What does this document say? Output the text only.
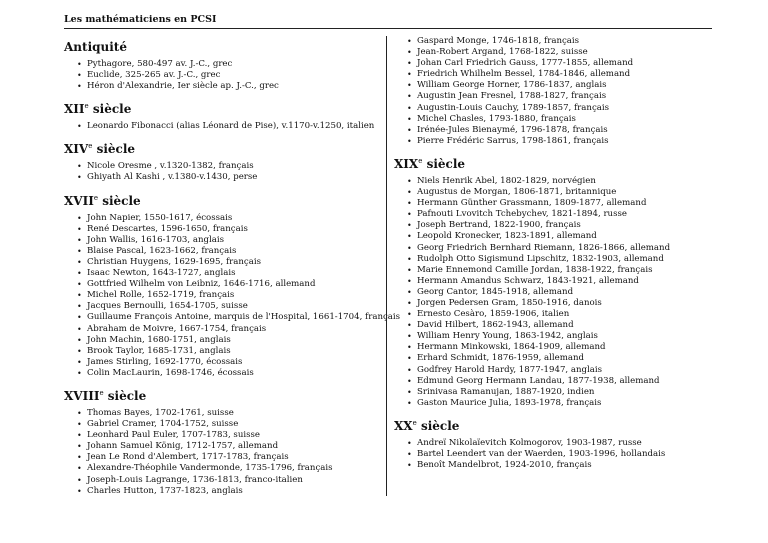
Les mathématiciens en PCSI
Antiquité
• Pythagore, 580-497 av. J.-C., grec
• Euclide, 325-265 av. J.-C., grec
• Héron d'Alexandrie, Ier siècle ap. J.-C., grec
XIIe siècle
• Leonardo Fibonacci (alias Léonard de Pise), v.1170-v.1250, italien
XIVe siècle
• Nicole Oresme , v.1320-1382, français
• Ghiyath Al Kashi , v.1380-v.1430, perse
XVIIe siècle
• John Napier, 1550-1617, écossais
• René Descartes, 1596-1650, français
• John Wallis, 1616-1703, anglais
• Blaise Pascal, 1623-1662, français
• Christian Huygens, 1629-1695, français
• Isaac Newton, 1643-1727, anglais
• Gottfried Wilhelm von Leibniz, 1646-1716, allemand
• Michel Rolle, 1652-1719, français
• Jacques Bernoulli, 1654-1705, suisse
• Guillaume François Antoine, marquis de l'Hospital, 1661-1704, français
• Abraham de Moivre, 1667-1754, français
• John Machin, 1680-1751, anglais
• Brook Taylor, 1685-1731, anglais
• James Stirling, 1692-1770, écossais
• Colin MacLaurin, 1698-1746, écossais
XVIIIe siècle
• Thomas Bayes, 1702-1761, suisse
• Gabriel Cramer, 1704-1752, suisse
• Leonhard Paul Euler, 1707-1783, suisse
• Johann Samuel König, 1712-1757, allemand
• Jean Le Rond d'Alembert, 1717-1783, français
• Alexandre-Théophile Vandermonde, 1735-1796, français
• Joseph-Louis Lagrange, 1736-1813, franco-italien
• Charles Hutton, 1737-1823, anglais
• Gaspard Monge, 1746-1818, français
• Jean-Robert Argand, 1768-1822, suisse
• Johan Carl Friedrich Gauss, 1777-1855, allemand
• Friedrich Whilhelm Bessel, 1784-1846, allemand
• William George Horner, 1786-1837, anglais
• Augustin Jean Fresnel, 1788-1827, français
• Augustin-Louis Cauchy, 1789-1857, français
• Michel Chasles, 1793-1880, français
• Irénée-Jules Bienaymé, 1796-1878, français
• Pierre Frédéric Sarrus, 1798-1861, français
XIXe siècle
• Niels Henrik Abel, 1802-1829, norvégien
• Augustus de Morgan, 1806-1871, britannique
• Hermann Günther Grassmann, 1809-1877, allemand
• Pafnouti Lvovitch Tchebychev, 1821-1894, russe
• Joseph Bertrand, 1822-1900, français
• Leopold Kronecker, 1823-1891, allemand
• Georg Friedrich Bernhard Riemann, 1826-1866, allemand
• Rudolph Otto Sigismund Lipschitz, 1832-1903, allemand
• Marie Ennemond Camille Jordan, 1838-1922, français
• Hermann Amandus Schwarz, 1843-1921, allemand
• Georg Cantor, 1845-1918, allemand
• Jorgen Pedersen Gram, 1850-1916, danois
• Ernesto Cesàro, 1859-1906, italien
• David Hilbert, 1862-1943, allemand
• William Henry Young, 1863-1942, anglais
• Hermann Minkowski, 1864-1909, allemand
• Erhard Schmidt, 1876-1959, allemand
• Godfrey Harold Hardy, 1877-1947, anglais
• Edmund Georg Hermann Landau, 1877-1938, allemand
• Srinivasa Ramanujan, 1887-1920, indien
• Gaston Maurice Julia, 1893-1978, français
XXe siècle
• Andreï Nikolaïevitch Kolmogorov, 1903-1987, russe
• Bartel Leendert van der Waerden, 1903-1996, hollandais
• Benoît Mandelbrot, 1924-2010, français
